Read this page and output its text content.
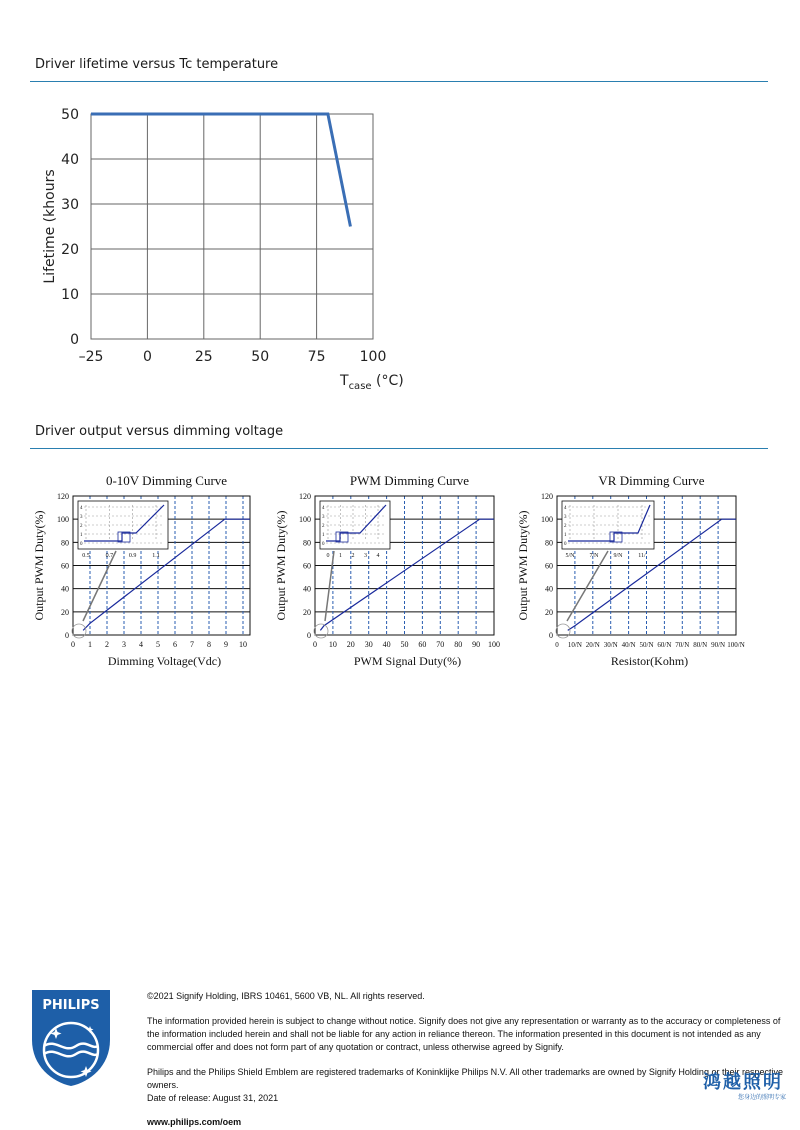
Driver lifetime versus Tc temperature
0
10
20
30
40
50
–25	0	25	50	75 100
Lifetime (khours
$T_{case}$ (°C)
Driver output versus dimming voltage
0-10V Dimming Curve
0
20
40
60
80
100
120
0 1 2 3 4 5 6 7 8 9 10
4
3
2
1
0
0.5	0.7	0.9	1.1
Output PWM Duty(%)
Dimming Voltage(Vdc)
PWM Dimming Curve
0
20
40
60
80
100
120
0 10 20 30 40 50 60 70 80 90 100
4
3
2
1
0
0 1 2 3 4
Output PWM Duty(%)
PWM Signal Duty(%)
VR Dimming Curve
0
20
40
60
80
100
120
0 10/N 20/N 30/N 40/N 50/N 60/N 70/N 80/N 90/N 100/N
4
3
2
1
0
5/N	7/N	9/N	11/
Output PWM Duty(%)
Resistor(Kohm)
PHILIPS

©2021 Signify Holding, IBRS 10461, 5600 VB, NL. All rights reserved.

The information provided herein is subject to change without notice. Signify does not give any representation or warranty as to the accuracy or completeness of the information included herein and shall not be liable for any action in reliance thereon. The information presented in this document is not intended as any commercial offer and does not form part of any quotation or contract, unless otherwise agreed by Signify.

Philips and the Philips Shield Emblem are registered trademarks of Koninklijke Philips N.V. All other trademarks are owned by Signify Holding or their respective owners.

Date of release: August 31, 2021

www.philips.com/oem

鸿越照明
您身边的照明专家
